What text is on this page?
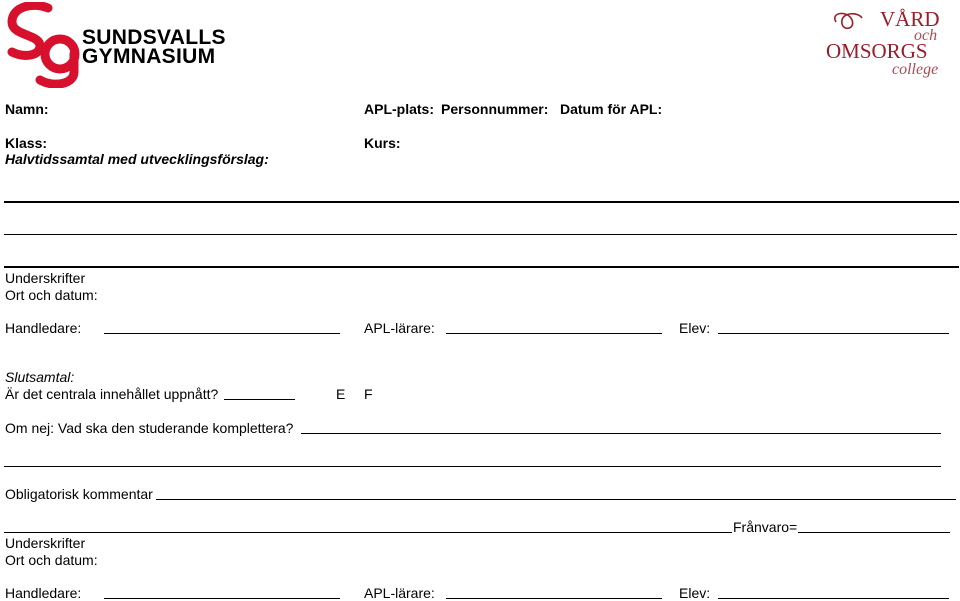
SUNDSVALLS
GYMNASIUM
VÅRD
och
OMSORGS
college
Namn:	APL-plats: Personnummer: Datum för APL:
Klass:	Kurs:
Halvtidssamtal med utvecklingsförslag:
Underskrifter
Ort och datum:
Handledare:	APL-lärare:	Elev:
Slutsamtal:
Är det centrala innehållet uppnått?	E F
Om nej: Vad ska den studerande komplettera?
Obligatorisk kommentar
Frånvaro=
Underskrifter
Ort och datum:
Handledare:	APL-lärare:	Elev:
